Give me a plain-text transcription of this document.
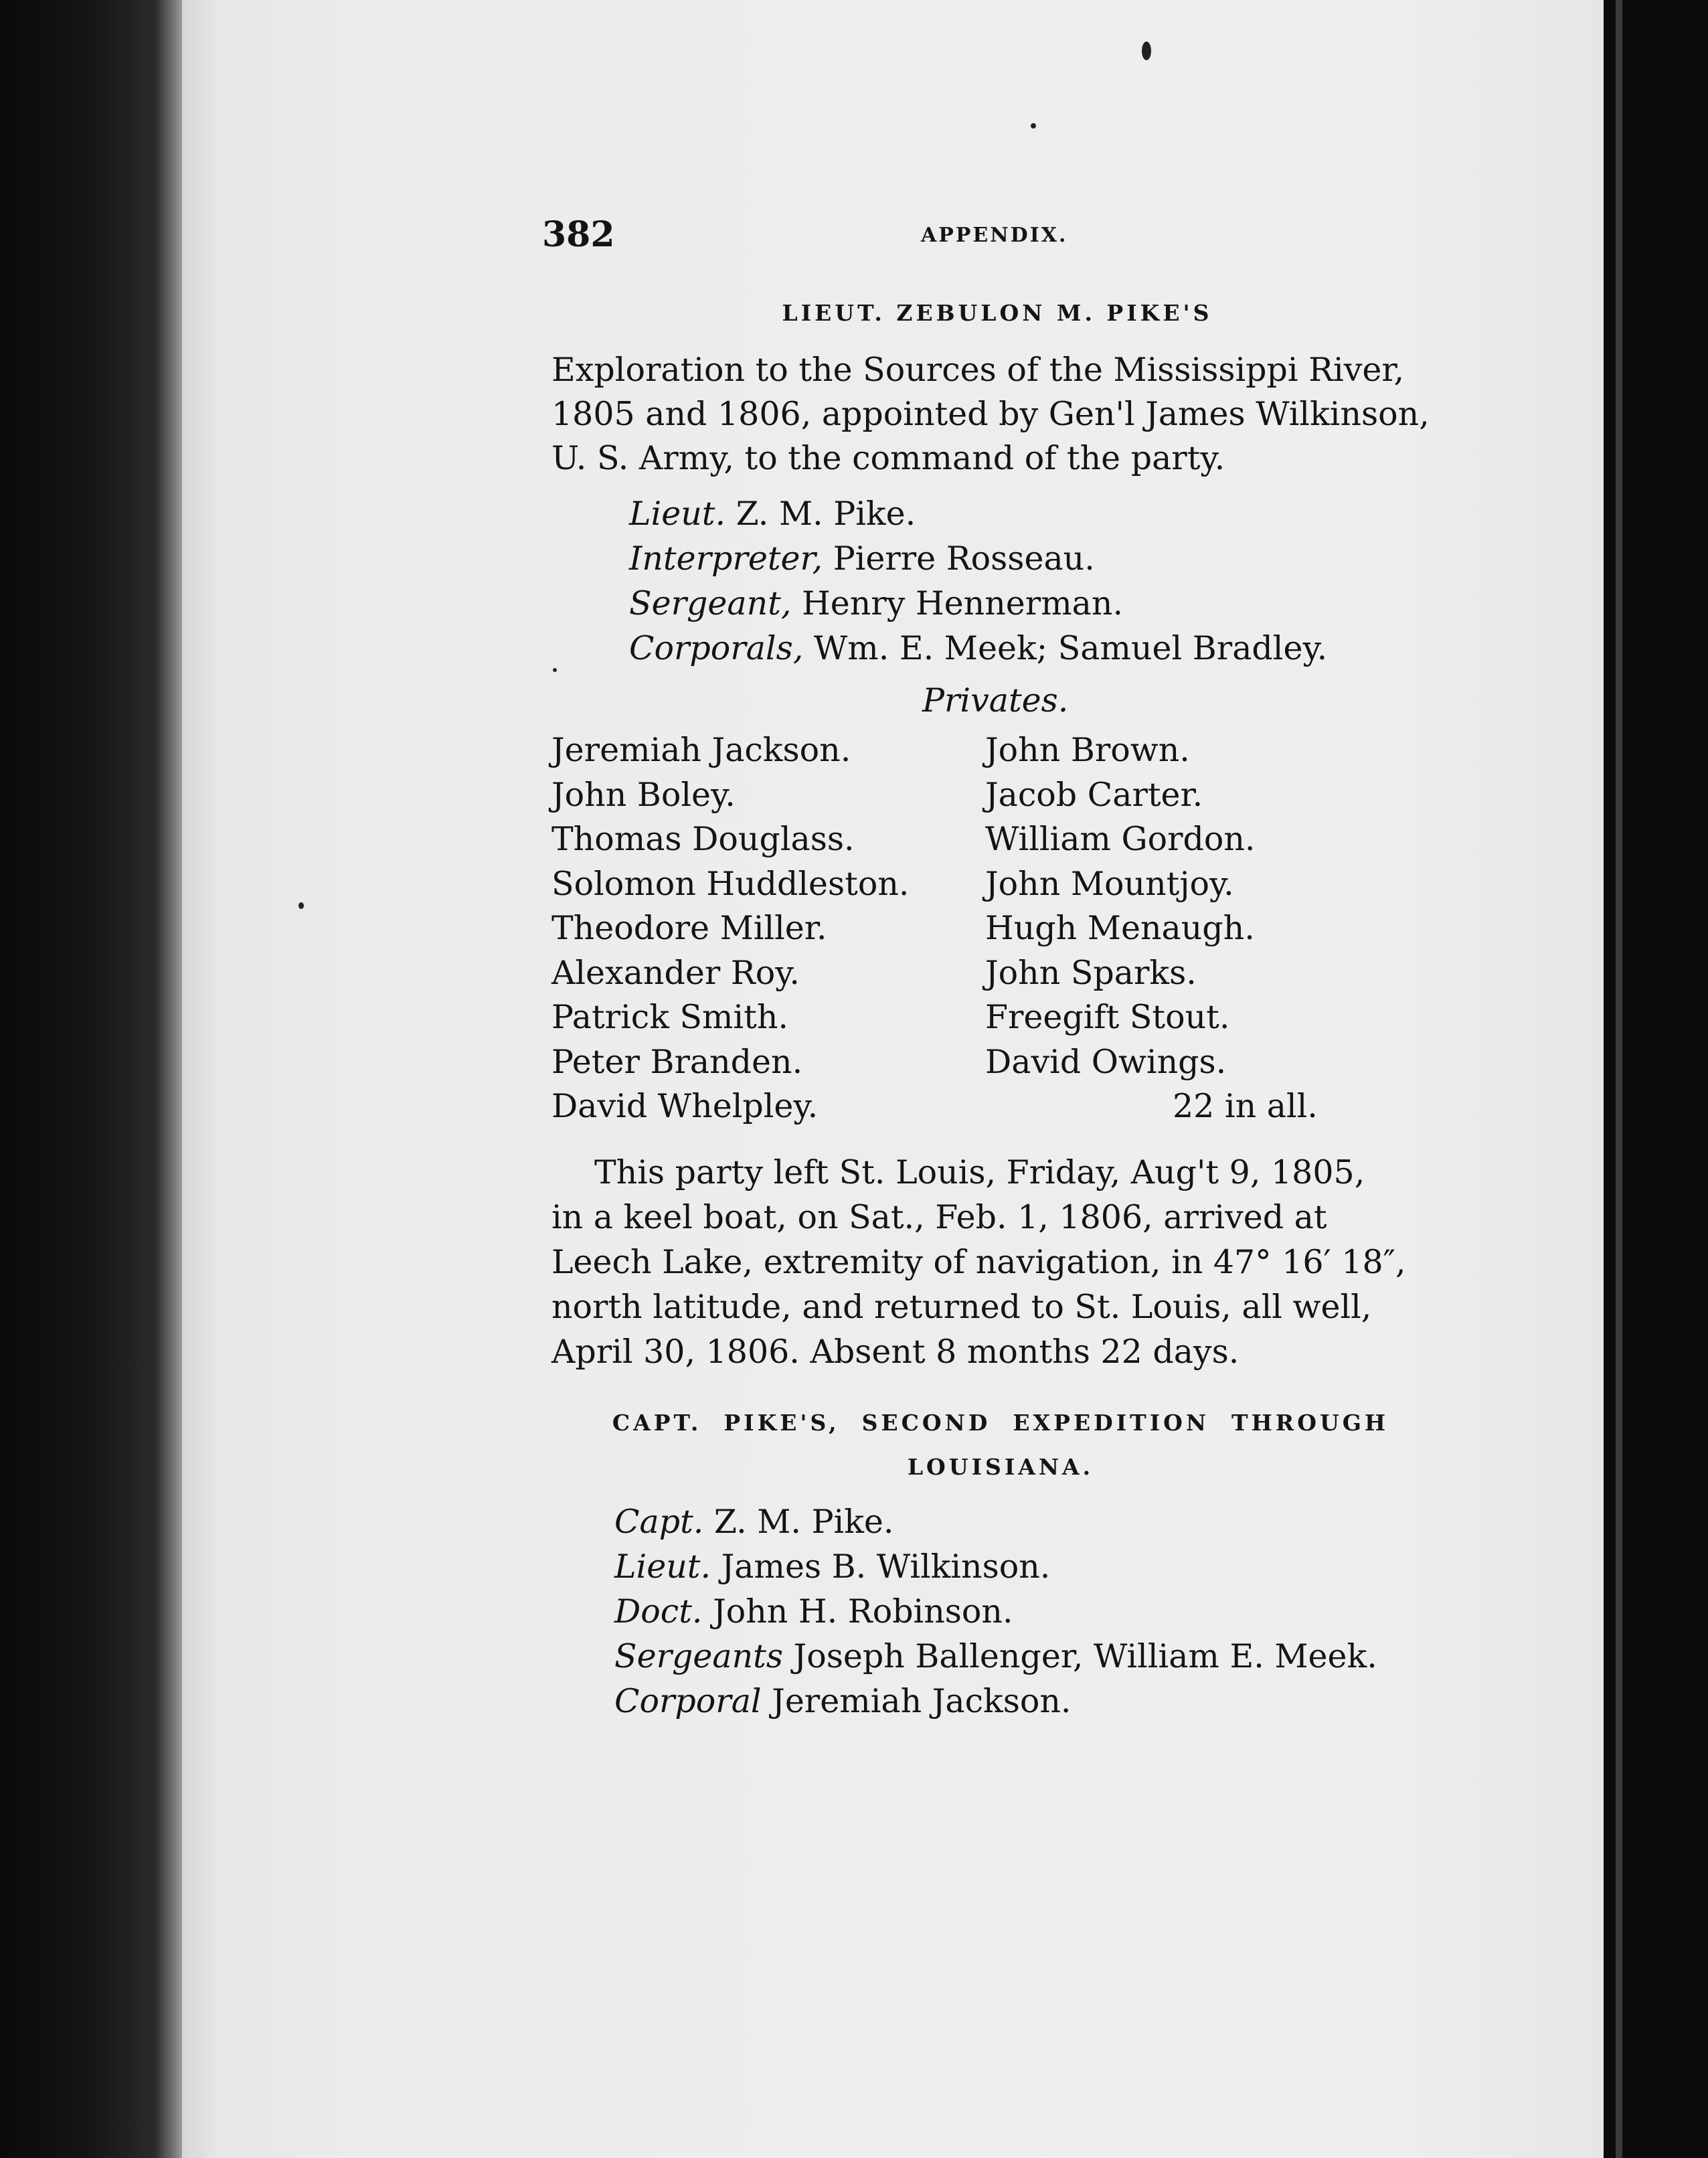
382	APPENDIX.
LIEUT. ZEBULON M. PIKE'S
Exploration to the Sources of the Mississippi River,
1805 and 1806, appointed by Gen'l James Wilkinson,
U. S. Army, to the command of the party.
Lieut. Z. M. Pike.
Interpreter, Pierre Rosseau.
Sergeant, Henry Hennerman.
Corporals, Wm. E. Meek; Samuel Bradley.
Privates.
Jeremiah Jackson.
John Boley.
Thomas Douglass.
Solomon Huddleston.
Theodore Miller.
Alexander Roy.
Patrick Smith.
Peter Branden.
David Whelpley.
John Brown.
Jacob Carter.
William Gordon.
John Mountjoy.
Hugh Menaugh.
John Sparks.
Freegift Stout.
David Owings.
22 in all.
This party left St. Louis, Friday, Aug't 9, 1805,
in a keel boat, on Sat., Feb. 1, 1806, arrived at
Leech Lake, extremity of navigation, in 47° 16′ 18″,
north latitude, and returned to St. Louis, all well,
April 30, 1806. Absent 8 months 22 days.
CAPT.  PIKE'S,  SECOND  EXPEDITION  THROUGH
LOUISIANA.
Capt. Z. M. Pike.
Lieut. James B. Wilkinson.
Doct. John H. Robinson.
Sergeants Joseph Ballenger, William E. Meek.
Corporal Jeremiah Jackson.
